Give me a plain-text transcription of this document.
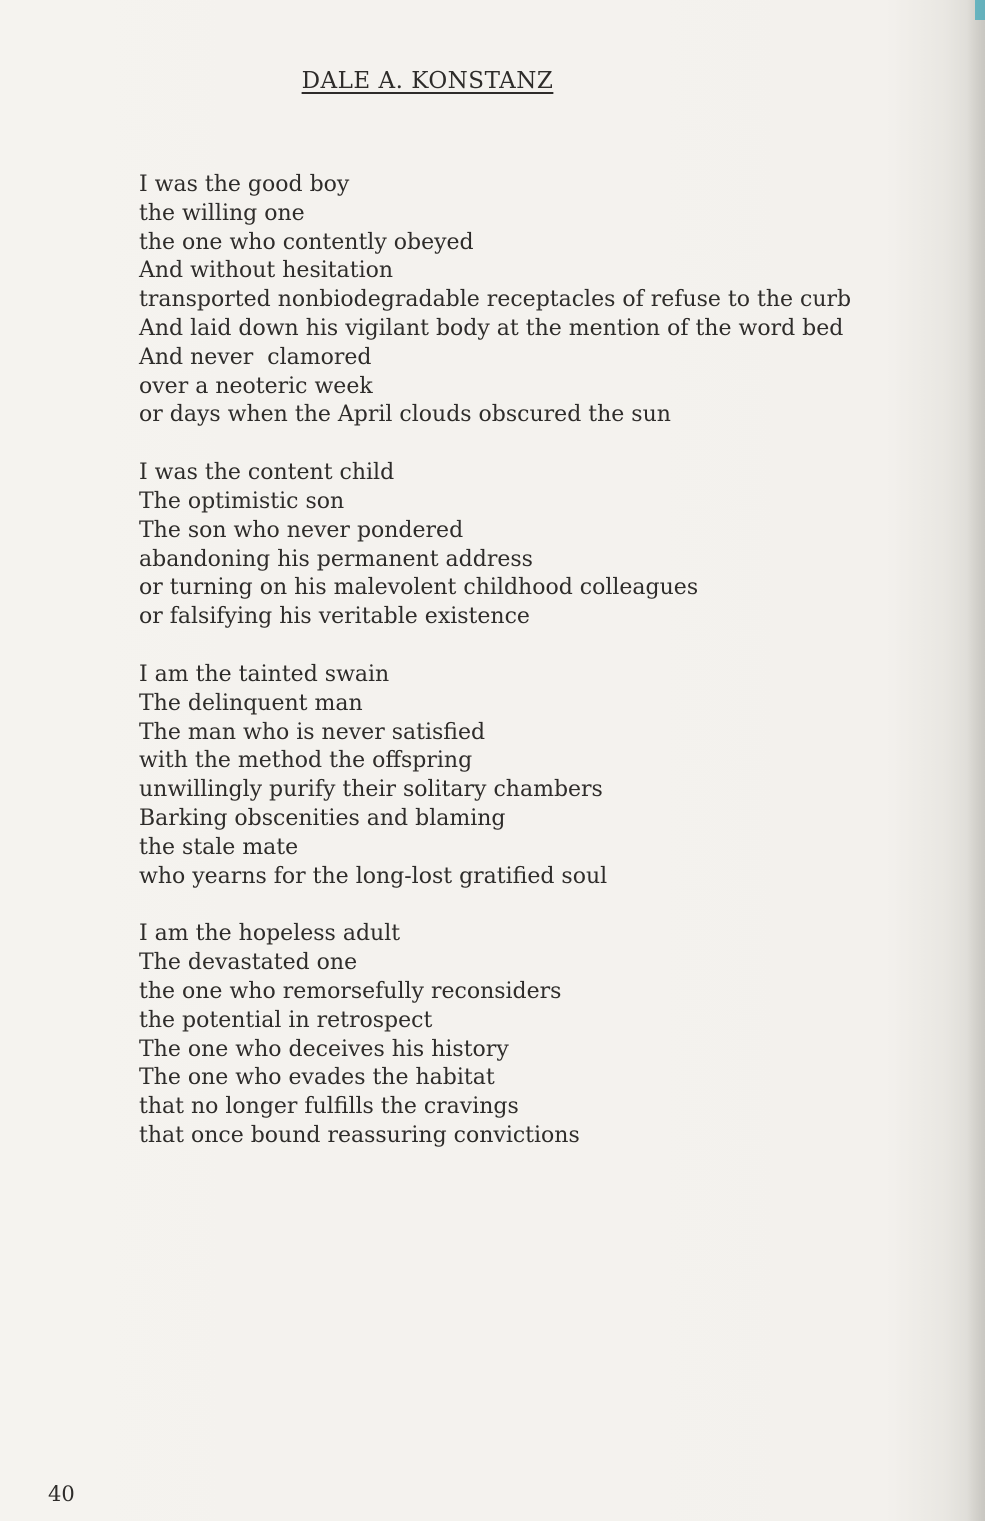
DALE A. KONSTANZ
I was the good boy
the willing one
the one who contently obeyed
And without hesitation
transported nonbiodegradable receptacles of refuse to the curb
And laid down his vigilant body at the mention of the word bed
And never  clamored
over a neoteric week
or days when the April clouds obscured the sun
I was the content child
The optimistic son
The son who never pondered
abandoning his permanent address
or turning on his malevolent childhood colleagues
or falsifying his veritable existence
I am the tainted swain
The delinquent man
The man who is never satisfied
with the method the offspring
unwillingly purify their solitary chambers
Barking obscenities and blaming
the stale mate
who yearns for the long-lost gratified soul
I am the hopeless adult
The devastated one
the one who remorsefully reconsiders
the potential in retrospect
The one who deceives his history
The one who evades the habitat
that no longer fulfills the cravings
that once bound reassuring convictions
40
